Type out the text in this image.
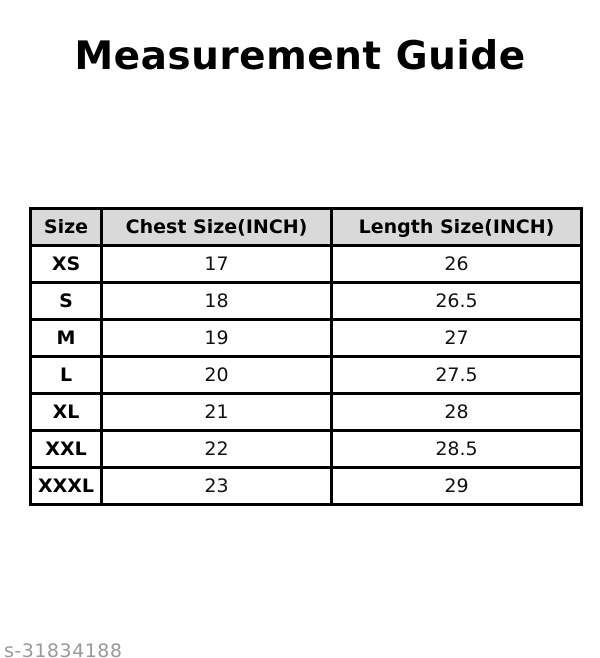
Measurement Guide
Size	Chest Size(INCH)	Length Size(INCH)
XS	17	26
S	18	26.5
M	19	27
L	20	27.5
XL	21	28
XXL	22	28.5
XXXL	23	29
s-31834188
